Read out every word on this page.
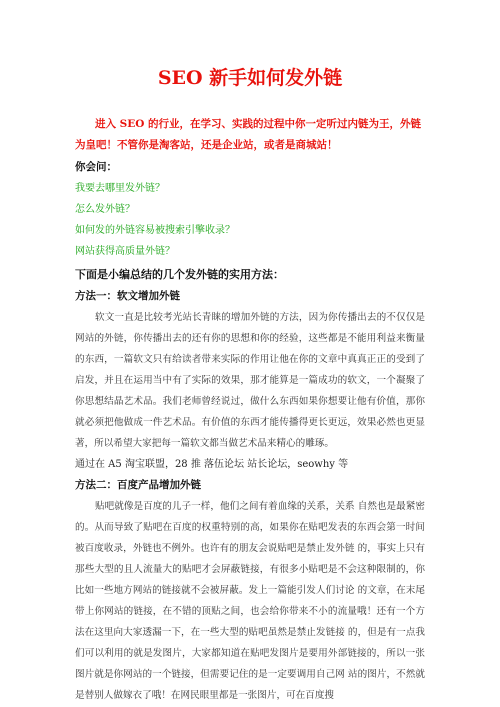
SEO 新手如何发外链

进入 SEO 的行业，在学习、实践的过程中你一定听过内链为王，外链为皇吧！不管你是淘客站，还是企业站，或者是商城站！

你会问：

我要去哪里发外链？

怎么发外链？

如何发的外链容易被搜索引擎收录？

网站获得高质量外链？

下面是小编总结的几个发外链的实用方法：

方法一：软文增加外链

软文一直是比较考光站长青睐的增加外链的方法，因为你传播出去的不仅仅是网站的外链，你传播出去的还有你的思想和你的经验，这些都是不能用利益来衡量的东西，一篇软文只有给读者带来实际的作用让他在你的文章中真真正正的受到了启发，并且在运用当中有了实际的效果，那才能算是一篇成功的软文，一个凝聚了你思想结晶艺术品。我们老师曾经说过，做什么东西如果你想要让他有价值，那你就必须把他做成一件艺术品。有价值的东西才能传播得更长更远，效果必然也更显著，所以希望大家把每一篇软文都当做艺术品来精心的雕琢。

通过在 A5 淘宝联盟，28 推 落伍论坛 站长论坛，seowhy 等

方法二：百度产品增加外链

贴吧就像是百度的儿子一样，他们之间有着血缘的关系，关系 自然也是最紧密的。从而导致了贴吧在百度的权重特别的高，如果你在贴吧发表的东西会第一时间被百度收录，外链也不例外。也许有的朋友会说贴吧是禁止发外链 的，事实上只有那些大型的且人流量大的贴吧才会屏蔽链接，有很多小贴吧是不会这种限制的，你比如一些地方网站的链接就不会被屏蔽。发上一篇能引发人们讨论 的文章，在末尾带上你网站的链接，在不错的顶贴之间，也会给你带来不小的流量哦！还有一个方法在这里向大家透漏一下，在一些大型的贴吧虽然是禁止发链接 的，但是有一点我们可以利用的就是发图片，大家都知道在贴吧发图片是要用外部链接的，所以一张图片就是你网站的一个链接，但需要记住的是一定要调用自己网 站的图片，不然就是替别人做嫁衣了哦！在网民眼里都是一张图片，可在百度搜
